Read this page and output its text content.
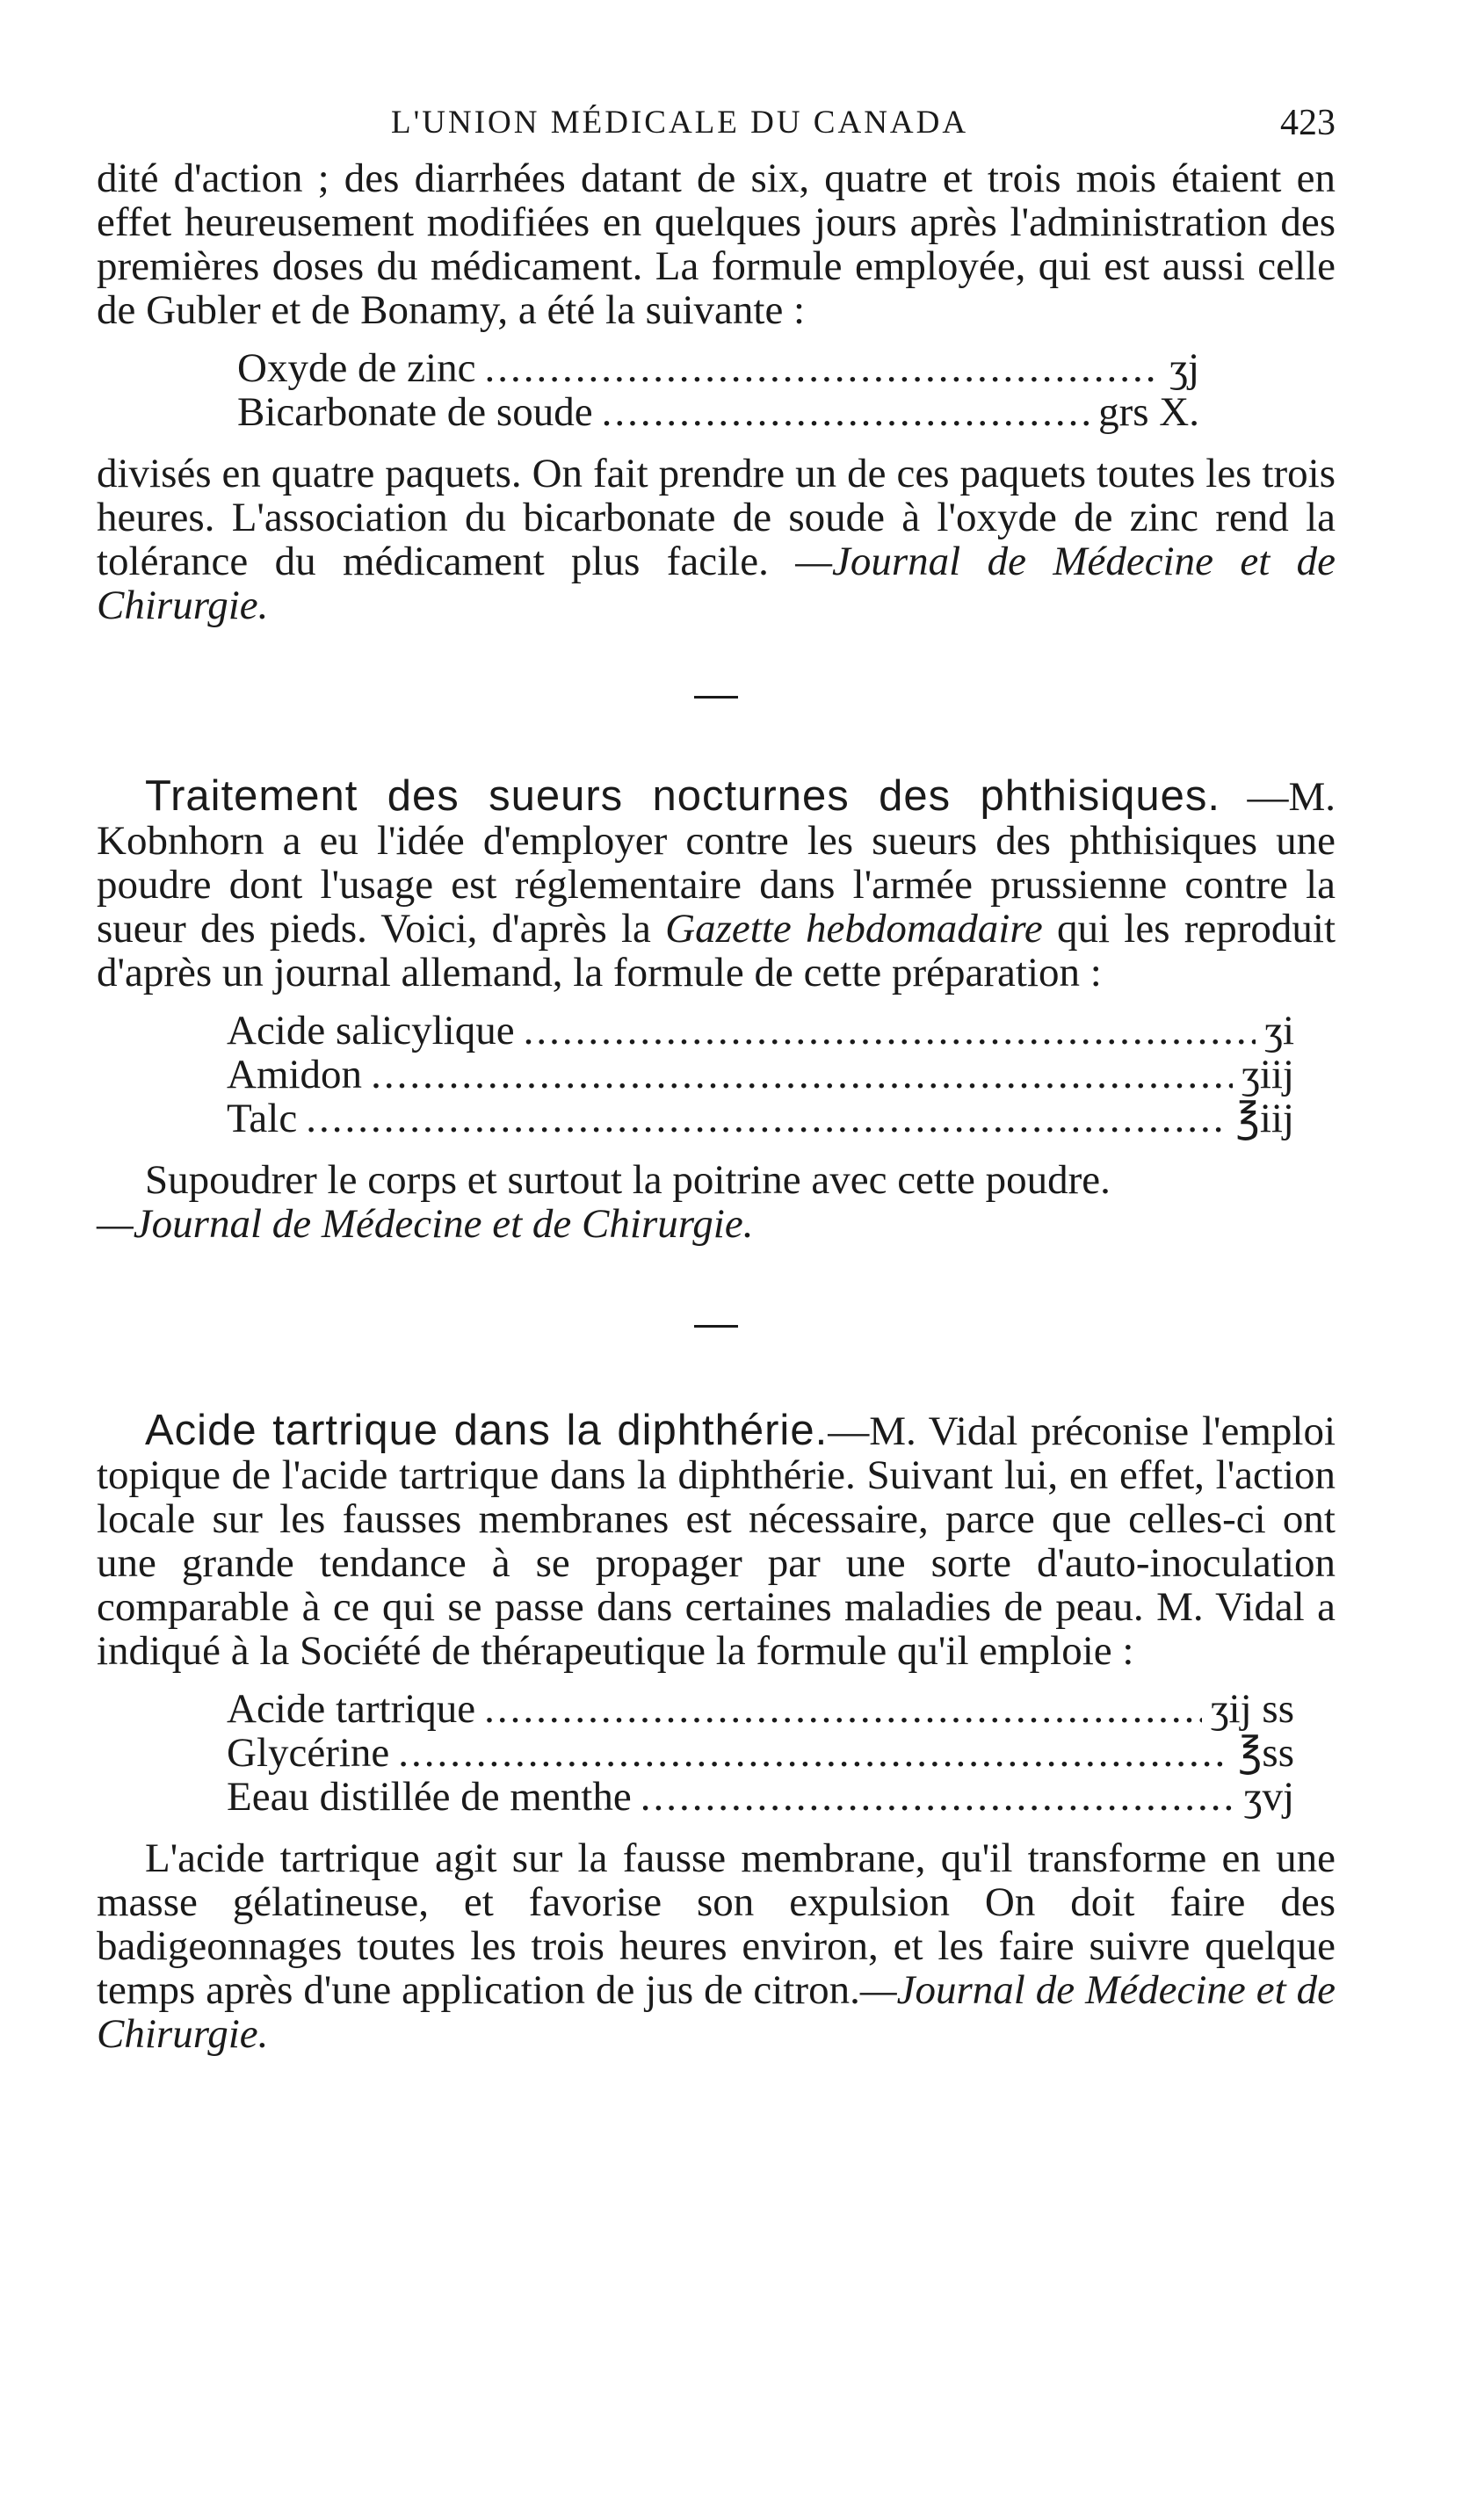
L'UNION MÉDICALE DU CANADA	423

dité d'action ; des diarrhées datant de six, quatre et trois mois étaient en effet heureusement modifiées en quelques jours après l'administration des premières doses du médicament. La formule employée, qui est aussi celle de Gubler et de Bonamy, a été la suivante :

Oxyde de zinc .....	ʒj
Bicarbonate de soude .....	grs X.

divisés en quatre paquets. On fait prendre un de ces paquets toutes les trois heures. L'association du bicarbonate de soude à l'oxyde de zinc rend la tolérance du médicament plus facile. —Journal de Médecine et de Chirurgie.

Traitement des sueurs nocturnes des phthisiques. —M. Kobnhorn a eu l'idée d'employer contre les sueurs des phthisiques une poudre dont l'usage est réglementaire dans l'armée prussienne contre la sueur des pieds. Voici, d'après la Gazette hebdomadaire qui les reproduit d'après un journal allemand, la formule de cette préparation :

Acide salicylique .....	ʒi
Amidon .....	ʒiij
Talc .....	℥iij

Supoudrer le corps et surtout la poitrine avec cette poudre.

—Journal de Médecine et de Chirurgie.

Acide tartrique dans la diphthérie.—M. Vidal préconise l'emploi topique de l'acide tartrique dans la diphthérie. Suivant lui, en effet, l'action locale sur les fausses membranes est nécessaire, parce que celles-ci ont une grande tendance à se propager par une sorte d'auto-inoculation comparable à ce qui se passe dans certaines maladies de peau. M. Vidal a indiqué à la Société de thérapeutique la formule qu'il emploie :

Acide tartrique .....	ʒij ss
Glycérine .....	℥ss
Eeau distillée de menthe .....	ʒvj

L'acide tartrique agit sur la fausse membrane, qu'il transforme en une masse gélatineuse, et favorise son expulsion On doit faire des badigeonnages toutes les trois heures environ, et les faire suivre quelque temps après d'une application de jus de citron.—Journal de Médecine et de Chirurgie.
